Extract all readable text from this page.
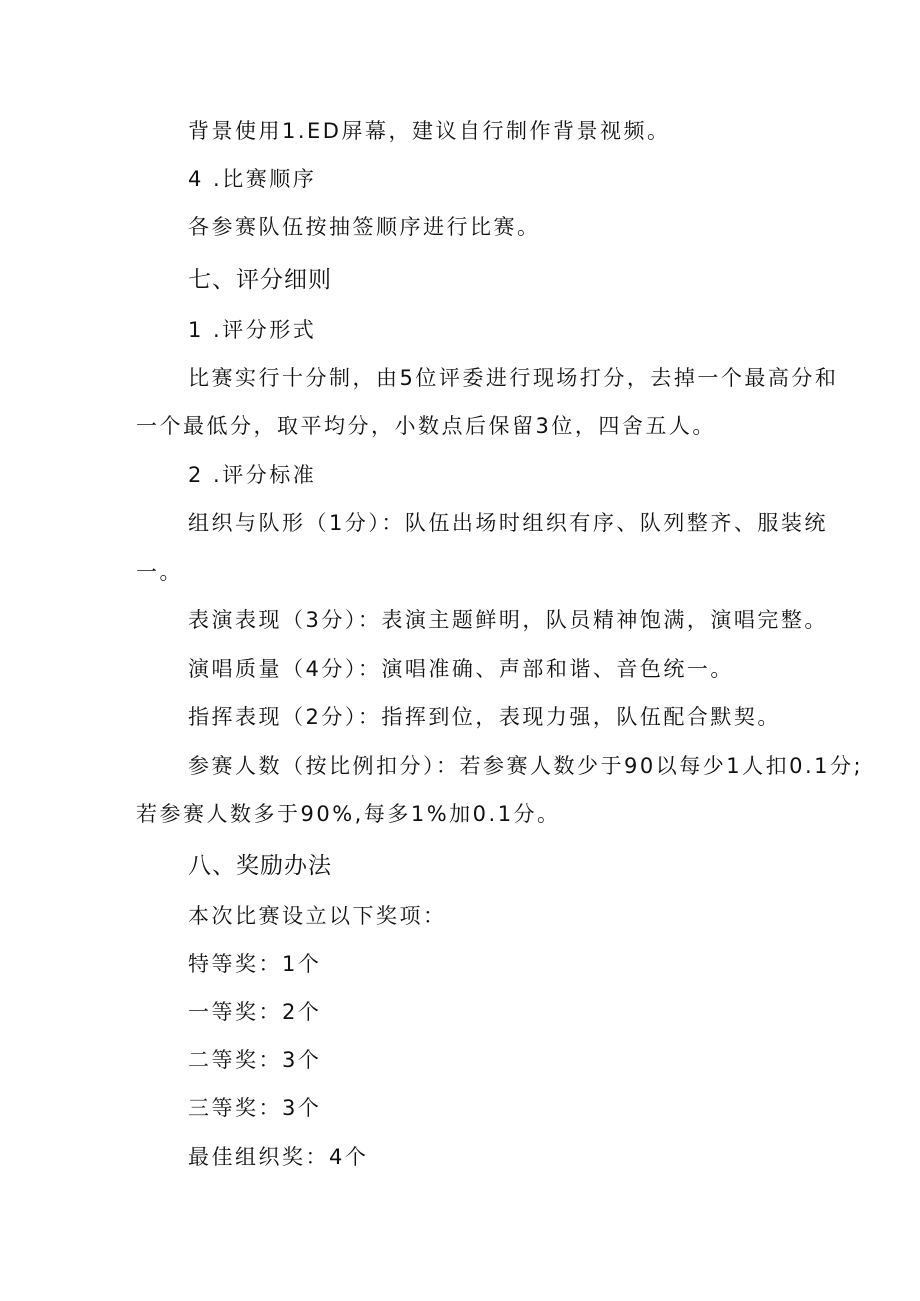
背景使用1.ED屏幕，建议自行制作背景视频。
4 .比赛顺序
各参赛队伍按抽签顺序进行比赛。
七、评分细则
1 .评分形式
比赛实行十分制，由5位评委进行现场打分，去掉一个最高分和
一个最低分，取平均分，小数点后保留3位，四舍五人。
2 .评分标准
组织与队形（1分）：队伍出场时组织有序、队列整齐、服装统
一。
表演表现（3分）：表演主题鲜明，队员精神饱满，演唱完整。
演唱质量（4分）：演唱准确、声部和谐、音色统一。
指挥表现（2分）：指挥到位，表现力强，队伍配合默契。
参赛人数（按比例扣分）：若参赛人数少于90以每少1人扣0.1分;
若参赛人数多于90%,每多1%加0.1分。
八、奖励办法
本次比赛设立以下奖项：
特等奖：1个
一等奖：2个
二等奖：3个
三等奖：3个
最佳组织奖：4个
